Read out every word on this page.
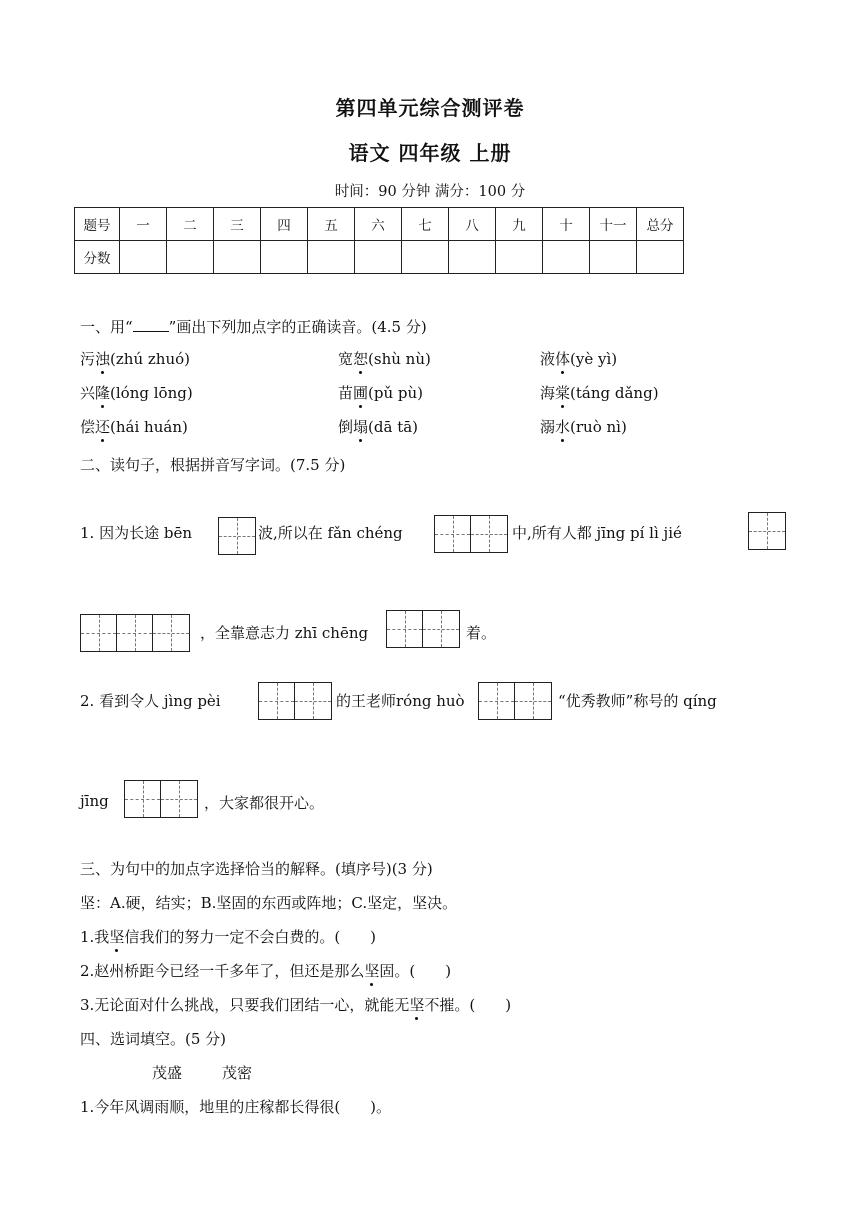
第四单元综合测评卷
语文 四年级 上册
时间：90 分钟 满分：100 分
题号	一	二	三	四	五	六	七	八	九	十	十一	总分
分数												
一、用“ ”画出下列加点字的正确读音。(4.5 分)
污浊(zhú zhuó)	宽恕(shù nù)	液体(yè yì)
兴隆(lóng lōng)	苗圃(pǔ pù)	海棠(táng dǎng)
偿还(hái huán)	倒塌(dā tā)	溺水(ruò nì)
二、读句子，根据拼音写字词。(7.5 分)
1. 因为长途 bēn	波,所以在 fǎn chéng	中,所有人都 jīng pí lì jié
，全靠意志力 zhī chēng	着。
2. 看到令人 jìng pèi	的王老师róng huò	“优秀教师”称号的 qíng
jīng	，大家都很开心。
三、为句中的加点字选择恰当的解释。(填序号)(3 分)
坚：A.硬，结实；B.坚固的东西或阵地；C.坚定，坚决。
1.我坚信我们的努力一定不会白费的。(　　)
2.赵州桥距今已经一千多年了，但还是那么坚固。(　　)
3.无论面对什么挑战，只要我们团结一心，就能无坚不摧。(　　)
四、选词填空。(5 分)
茂盛	茂密
1.今年风调雨顺，地里的庄稼都长得很(　　)。
